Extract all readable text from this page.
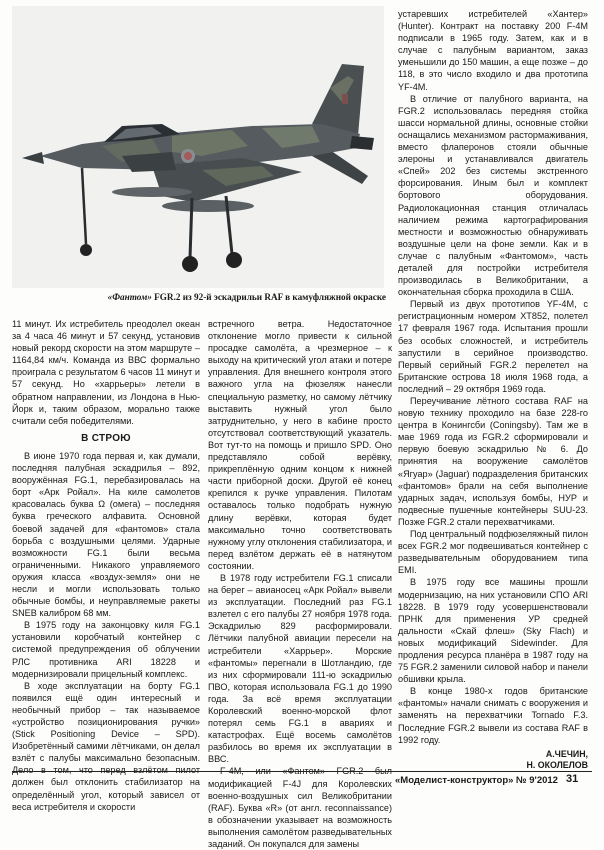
«Фантом» FGR.2 из 92-й эскадрильи RAF в камуфляжной окраске

11 минут. Их истребитель преодолел океан за 4 часа 46 минут и 57 секунд, установив новый рекорд скорости на этом маршруте – 1164,84 км/ч. Команда из ВВС формально проиграла с результатом 6 часов 11 минут и 57 секунд. Но «харрьеры» летели в обратном направлении, из Лондона в Нью-Йорк и, таким образом, морально также считали себя победителями.

В СТРОЮ

В июне 1970 года первая и, как думали, последняя палубная эскадрилья – 892, вооружённая FG.1, перебазировалась на борт «Арк Ройал». На киле самолетов красовалась буква Ω (омега) – последняя буква греческого алфавита. Основной боевой задачей для «фантомов» стала борьба с воздушными целями. Ударные возможности FG.1 были весьма ограниченными. Никакого управляемого оружия класса «воздух-земля» они не несли и могли использовать только обычные бомбы, и неуправляемые ракеты SNEB калибром 68 мм.

В 1975 году на законцовку киля FG.1 установили коробчатый контейнер с системой предупреждения об облучении РЛС противника ARI 18228 и модернизировали прицельный комплекс.

В ходе эксплуатации на борту FG.1 появился ещё один интересный и необычный прибор – так называемое «устройство позиционирования ручки» (Stick Positioning Device – SPD). Изобретённый самими лётчиками, он делал взлёт с палубы максимально безопасным. должен был отклонить стабилизатор на определённый угол, который зависел от веса истребителя и скорости

встречного ветра. Недостаточное отклонение могло привести к сильной просадке самолёта, а чрезмерное – к выходу на критический угол атаки и потере управления. Для внешнего контроля этого важного угла на фюзеляж нанесли специальную разметку, но самому лётчику выставить нужный угол было затруднительно, у него в кабине просто отсутствовал соответствующий указатель. Вот тут-то на помощь и пришло SPD. Оно представляло собой верёвку, прикреплённую одним концом к нижней части приборной доски. Другой её конец крепился к ручке управления. Пилотам оставалось только подобрать нужную длину верёвки, которая будет максимально точно соответствовать нужному углу отклонения стабилизатора, и перед взлётом держать её в натянутом состоянии.

В 1978 году истребители FG.1 списали на берег – авианосец «Арк Ройал» вывели из эксплуатации. Последний раз FG.1 взлетел с его палубы 27 ноября 1978 года. Эскадрилью 829 расформировали. Лётчики палубной авиации пересели на истребители «Харрьер». Морские «фантомы» перегнали в Шотландию, где из них сформировали 111-ю эскадрилью ПВО, которая использовала FG.1 до 1990 года. За всё время эксплуатации Королевский военно-морской флот потерял семь FG.1 в авариях и катастрофах. Ещё восемь самолётов разбилось во время их эксплуатации в ВВС.

модификацией F-4J для Королевских военно-воздушных сил Великобритании (RAF). Буква «R» (от англ. reconnaissance) в обозначении указывает на возможность выполнения самолётом разведывательных заданий. Он покупался для замены

устаревших истребителей «Хантер» (Hunter). Контракт на поставку 200 F-4M подписали в 1965 году. Затем, как и в случае с палубным вариантом, заказ уменьшили до 150 машин, а еще позже – до 118, в это число входило и два прототипа YF-4M.

В отличие от палубного варианта, на FGR.2 использовалась передняя стойка шасси нормальной длины, основные стойки оснащались механизмом растормаживания, вместо флаперонов стояли обычные элероны и устанавливался двигатель «Спей» 202 без системы экстренного форсирования. Иным был и комплект бортового оборудования. Радиолокационная станция отличалась наличием режима картографирования местности и возможностью обнаруживать воздушные цели на фоне земли. Как и в случае с палубным «Фантомом», часть деталей для постройки истребителя производилась в Великобритании, а окончательная сборка проходила в США.

Первый из двух прототипов YF-4M, с регистрационным номером XT852, полетел 17 февраля 1967 года. Испытания прошли без особых сложностей, и истребитель запустили в серийное производство. Первый серийный FGR.2 перелетел на Британские острова 18 июля 1968 года, а последний – 29 октября 1969 года.

Переучивание лётного состава RAF на новую технику проходило на базе 228-го центра в Конингсби (Coningsby). Там же в мае 1969 года из FGR.2 сформировали и первую боевую эскадрилью № 6. До принятия на вооружение самолётов «Ягуар» (Jaguar) подразделения британских «фантомов» брали на себя выполнение ударных задач, используя бомбы, НУР и подвесные пушечные контейнеры SUU-23. Позже FGR.2 стали перехватчиками.

Под центральный подфюзеляжный пилон всех FGR.2 мог подвешиваться контейнер с разведывательным оборудованием типа EMI.

В 1975 году все машины прошли модернизацию, на них установили СПО ARI 18228. В 1979 году усовершенствовали ПРНК для применения УР средней дальности «Скай флеш» (Sky Flach) и новых модификаций Sidewinder. Для продления ресурса планёра в 1987 году на 75 FGR.2 заменили силовой набор и панели обшивки крыла.

В конце 1980-х годов британские «фантомы» начали снимать с вооружения и заменять на перехватчики Tornado F.3. Последние FGR.2 вывели из состава RAF в 1992 году.

А.ЧЕЧИН,
Н. ОКОЛЕЛОВ
«Моделист-конструктор» № 9'2012 31
